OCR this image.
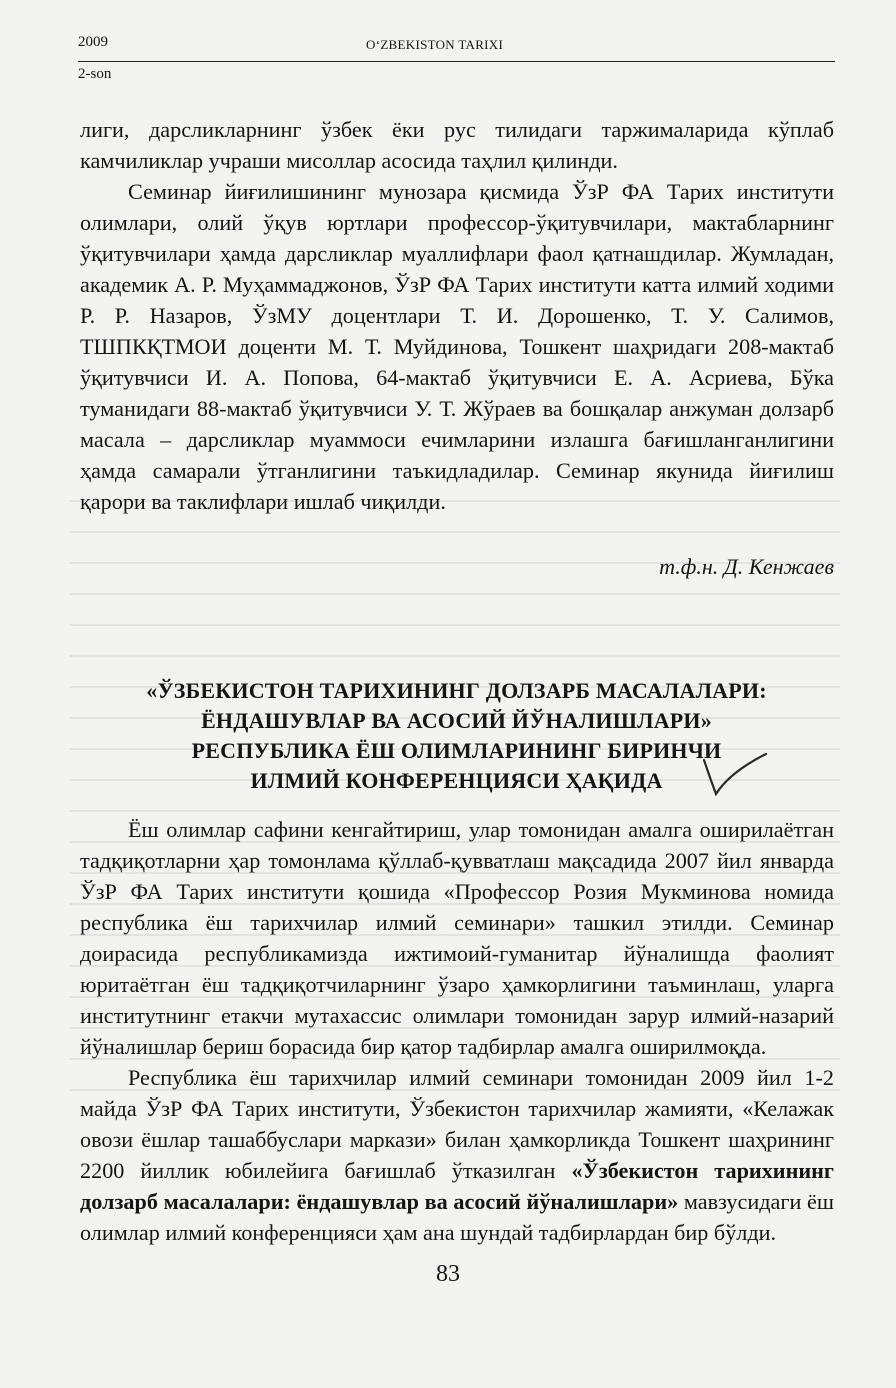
2009	O‘ZBEKISTON TARIXI
2-son

лиги, дарсликларнинг ўзбек ёки рус тилидаги таржималарида кўплаб камчиликлар учраши мисоллар асосида таҳлил қилинди.

Семинар йиғилишининг мунозара қисмида ЎзР ФА Тарих институти олимлари, олий ўқув юртлари профессор-ўқитувчилари, мактабларнинг ўқитувчилари ҳамда дарсликлар муаллифлари фаол қатнашдилар. Жумладан, академик А. Р. Муҳаммаджонов, ЎзР ФА Тарих институти катта илмий ходими Р. Р. Назаров, ЎзМУ доцентлари Т. И. Дорошенко, Т. У. Салимов, ТШПКҚТМОИ доценти М. Т. Муйдинова, Тошкент шаҳридаги 208-мактаб ўқитувчиси И. А. Попова, 64-мактаб ўқитувчиси Е. А. Асриева, Бўка туманидаги 88-мактаб ўқитувчиси У. Т. Жўраев ва бошқалар анжуман долзарб масала – дарсликлар муаммоси ечимларини излашга бағишланганлигини ҳамда самарали ўтганлигини таъкидладилар. Семинар якунида йиғилиш қарори ва таклифлари ишлаб чиқилди.

т.ф.н. Д. Кенжаев
«ЎЗБЕКИСТОН ТАРИХИНИНГ ДОЛЗАРБ МАСАЛАЛАРИ:
ЁНДАШУВЛАР ВА АСОСИЙ ЙЎНАЛИШЛАРИ»
РЕСПУБЛИКА ЁШ ОЛИМЛАРИНИНГ БИРИНЧИ
ИЛМИЙ КОНФЕРЕНЦИЯСИ ҲАҚИДА

Ёш олимлар сафини кенгайтириш, улар томонидан амалга оширилаётган тадқиқотларни ҳар томонлама қўллаб-қувватлаш мақсадида 2007 йил январда ЎзР ФА Тарих институти қошида «Профессор Розия Мукминова номида республика ёш тарихчилар илмий семинари» ташкил этилди. Семинар доирасида республикамизда ижтимоий-гуманитар йўналишда фаолият юритаётган ёш тадқиқотчиларнинг ўзаро ҳамкорлигини таъминлаш, уларга институтнинг етакчи мутахассис олимлари томонидан зарур илмий-назарий йўналишлар бериш борасида бир қатор тадбирлар амалга оширилмоқда.

Республика ёш тарихчилар илмий семинари томонидан 2009 йил 1-2 майда ЎзР ФА Тарих институти, Ўзбекистон тарихчилар жамияти, «Келажак овози ёшлар ташаббуслари маркази» билан ҳамкорликда Тошкент шаҳрининг 2200 йиллик юбилейига бағишлаб ўтказилган «Ўзбекистон тарихининг долзарб масалалари: ёндашувлар ва асосий йўналишлари» мавзусидаги ёш олимлар илмий конференцияси ҳам ана шундай тадбирлардан бир бўлди.

83
